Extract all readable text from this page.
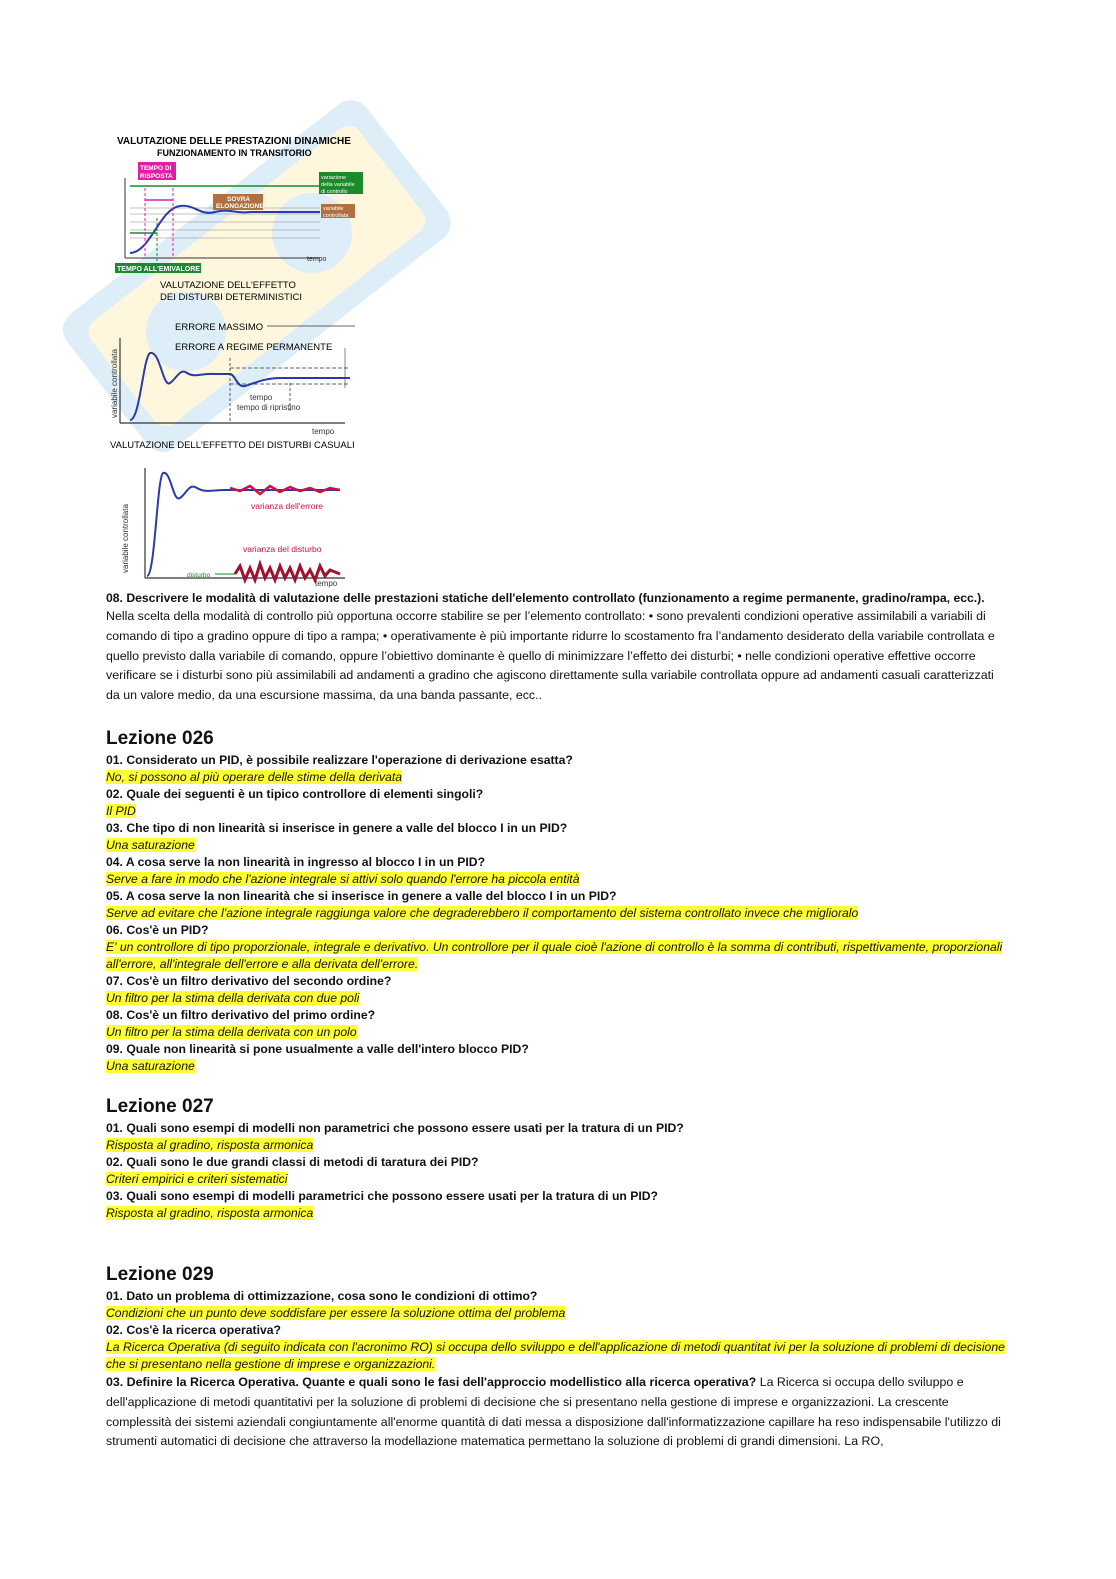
VALUTAZIONE DELLE PRESTAZIONI DINAMICHE
FUNZIONAMENTO IN TRANSITORIO
TEMPO DI
RISPOSTA
SOVRA
ELONGAZIONE
variazione
della variabile
di controllo
variabile
controllata
TEMPO ALL'EMIVALORE
tempo
VALUTAZIONE DELL'EFFETTO
DEI DISTURBI DETERMINISTICI
ERRORE MASSIMO
ERRORE A REGIME PERMANENTE
variabile controllata	tempo
tempo di ripristino
tempo
VALUTAZIONE DELL'EFFETTO DEI DISTURBI CASUALI
variabile controllata	varianza dell'errore
varianza del disturbo
disturbo
tempo
08. Descrivere le modalità di valutazione delle prestazioni statiche dell'elemento controllato (funzionamento a regime permanente, gradino/rampa, ecc.).
Nella scelta della modalità di controllo più opportuna occorre stabilire se per l’elemento controllato: • sono prevalenti condizioni operative assimilabili a variabili di comando di tipo a gradino oppure di tipo a rampa; • operativamente è più importante ridurre lo scostamento fra l’andamento desiderato della variabile controllata e quello previsto dalla variabile di comando, oppure l’obiettivo dominante è quello di minimizzare l’effetto dei disturbi; • nelle condizioni operative effettive occorre verificare se i disturbi sono più assimilabili ad andamenti a gradino che agiscono direttamente sulla variabile controllata oppure ad andamenti casuali caratterizzati da un valore medio, da una escursione massima, da una banda passante, ecc..
Lezione 026
01. Considerato un PID, è possibile realizzare l'operazione di derivazione esatta?
No, si possono al più operare delle stime della derivata
02. Quale dei seguenti è un tipico controllore di elementi singoli?
Il PID
03. Che tipo di non linearità si inserisce in genere a valle del blocco I in un PID?
Una saturazione
04. A cosa serve la non linearità in ingresso al blocco I in un PID?
Serve a fare in modo che l'azione integrale si attivi solo quando l'errore ha piccola entità
05. A cosa serve la non linearità che si inserisce in genere a valle del blocco I in un PID?
Serve ad evitare che l'azione integrale raggiunga valore che degraderebbero il comportamento del sistema controllato invece che miglioralo
06. Cos'è un PID?
E' un controllore di tipo proporzionale, integrale e derivativo. Un controllore per il quale cioè l'azione di controllo è la somma di contributi, rispettivamente, proporzionali all'errore, all'integrale dell'errore e alla derivata dell'errore.
07. Cos'è un filtro derivativo del secondo ordine?
Un filtro per la stima della derivata con due poli
08. Cos'è un filtro derivativo del primo ordine?
Un filtro per la stima della derivata con un polo
09. Quale non linearità si pone usualmente a valle dell'intero blocco PID?
Una saturazione
Lezione 027
01. Quali sono esempi di modelli non parametrici che possono essere usati per la tratura di un PID?
Risposta al gradino, risposta armonica
02. Quali sono le due grandi classi di metodi di taratura dei PID?
Criteri empirici e criteri sistematici
03. Quali sono esempi di modelli parametrici che possono essere usati per la tratura di un PID?
Risposta al gradino, risposta armonica
Lezione 029
01. Dato un problema di ottimizzazione, cosa sono le condizioni di ottimo?
Condizioni che un punto deve soddisfare per essere la soluzione ottima del problema
02. Cos'è la ricerca operativa?
La Ricerca Operativa (di seguito indicata con l'acronimo RO) si occupa dello sviluppo e dell'applicazione di metodi quantitat ivi per la soluzione di problemi di decisione che si presentano nella gestione di imprese e organizzazioni.
03. Definire la Ricerca Operativa. Quante e quali sono le fasi dell'approccio modellistico alla ricerca operativa? La Ricerca si occupa dello sviluppo e dell'applicazione di metodi quantitativi per la soluzione di problemi di decisione che si presentano nella gestione di imprese e organizzazioni. La crescente complessità dei sistemi aziendali congiuntamente all'enorme quantità di dati messa a disposizione dall'informatizzazione capillare ha reso indispensabile l'utilizzo di strumenti automatici di decisione che attraverso la modellazione matematica permettano la soluzione di problemi di grandi dimensioni. La RO,
